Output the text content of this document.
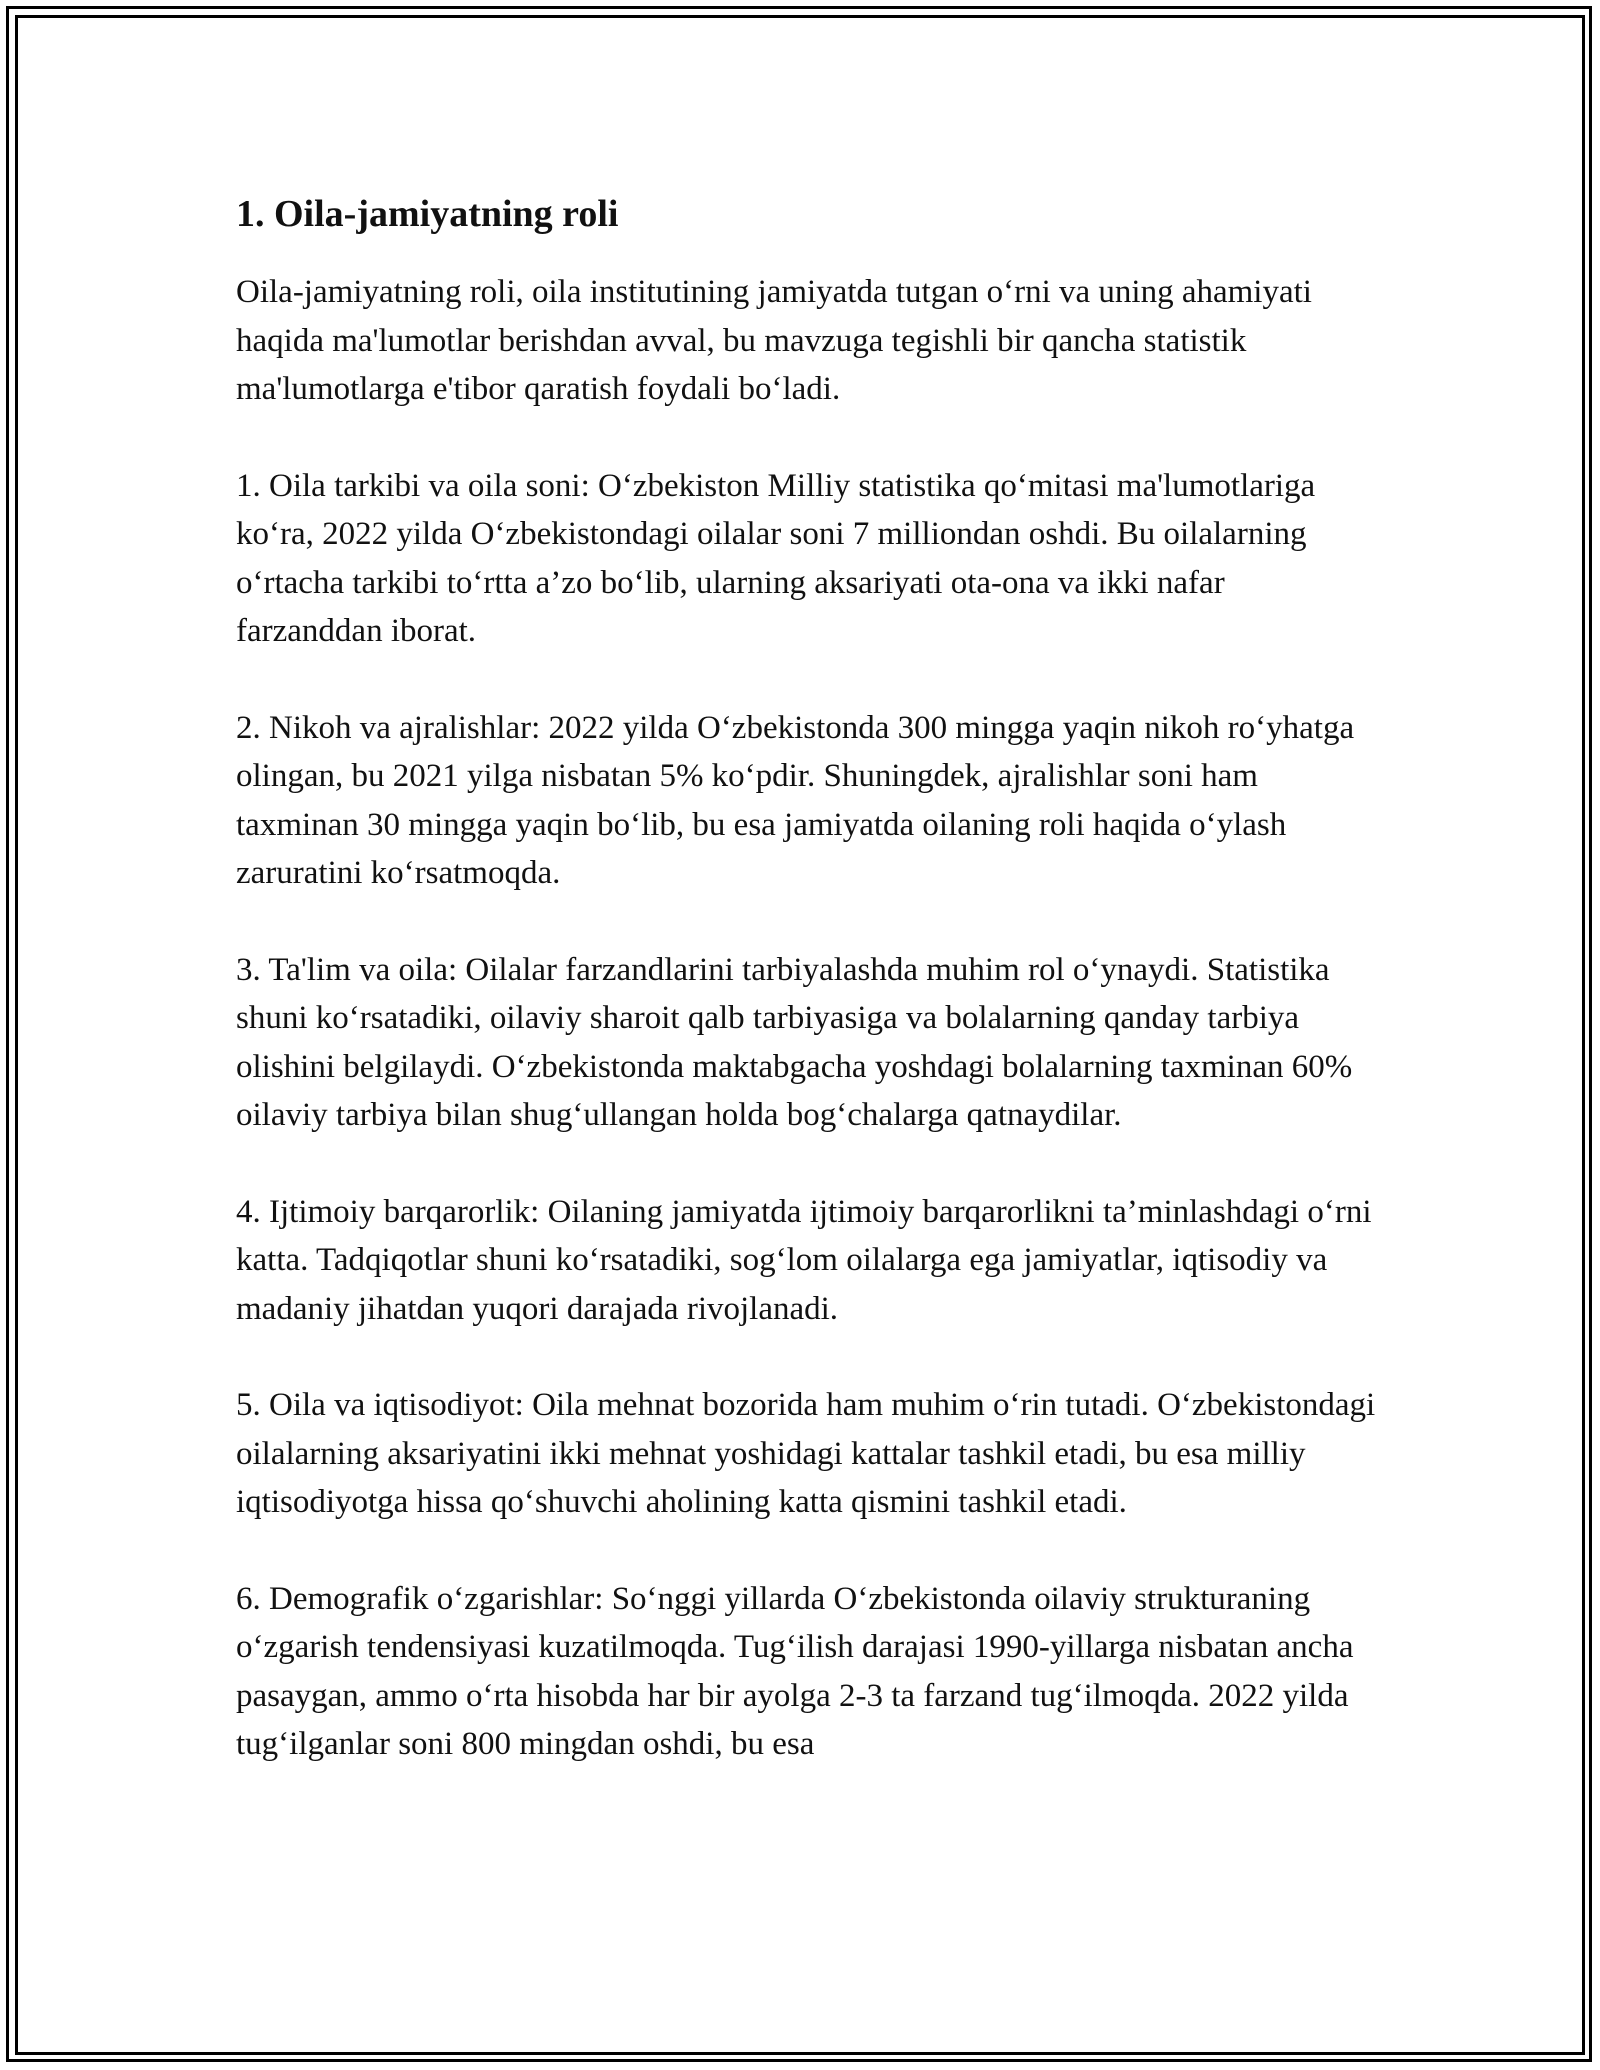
1. Oila-jamiyatning roli

Oila-jamiyatning roli, oila institutining jamiyatda tutgan o‘rni va uning ahamiyati haqida ma'lumotlar berishdan avval, bu mavzuga tegishli bir qancha statistik ma'lumotlarga e'tibor qaratish foydali bo‘ladi.

1. Oila tarkibi va oila soni: O‘zbekiston Milliy statistika qo‘mitasi ma'lumotlariga ko‘ra, 2022 yilda O‘zbekistondagi oilalar soni 7 milliondan oshdi. Bu oilalarning o‘rtacha tarkibi to‘rtta a’zo bo‘lib, ularning aksariyati ota-ona va ikki nafar farzanddan iborat.

2. Nikoh va ajralishlar: 2022 yilda O‘zbekistonda 300 mingga yaqin nikoh ro‘yhatga olingan, bu 2021 yilga nisbatan 5% ko‘pdir. Shuningdek, ajralishlar soni ham taxminan 30 mingga yaqin bo‘lib, bu esa jamiyatda oilaning roli haqida o‘ylash zaruratini ko‘rsatmoqda.

3. Ta'lim va oila: Oilalar farzandlarini tarbiyalashda muhim rol o‘ynaydi. Statistika shuni ko‘rsatadiki, oilaviy sharoit qalb tarbiyasiga va bolalarning qanday tarbiya olishini belgilaydi. O‘zbekistonda maktabgacha yoshdagi bolalarning taxminan 60% oilaviy tarbiya bilan shug‘ullangan holda bog‘chalarga qatnaydilar.

4. Ijtimoiy barqarorlik: Oilaning jamiyatda ijtimoiy barqarorlikni ta’minlashdagi o‘rni katta. Tadqiqotlar shuni ko‘rsatadiki, sog‘lom oilalarga ega jamiyatlar, iqtisodiy va madaniy jihatdan yuqori darajada rivojlanadi.

5. Oila va iqtisodiyot: Oila mehnat bozorida ham muhim o‘rin tutadi. O‘zbekistondagi oilalarning aksariyatini ikki mehnat yoshidagi kattalar tashkil etadi, bu esa milliy iqtisodiyotga hissa qo‘shuvchi aholining katta qismini tashkil etadi.

6. Demografik o‘zgarishlar: So‘nggi yillarda O‘zbekistonda oilaviy strukturaning o‘zgarish tendensiyasi kuzatilmoqda. Tug‘ilish darajasi 1990-yillarga nisbatan ancha pasaygan, ammo o‘rta hisobda har bir ayolga 2-3 ta farzand tug‘ilmoqda. 2022 yilda tug‘ilganlar soni 800 mingdan oshdi, bu esa
